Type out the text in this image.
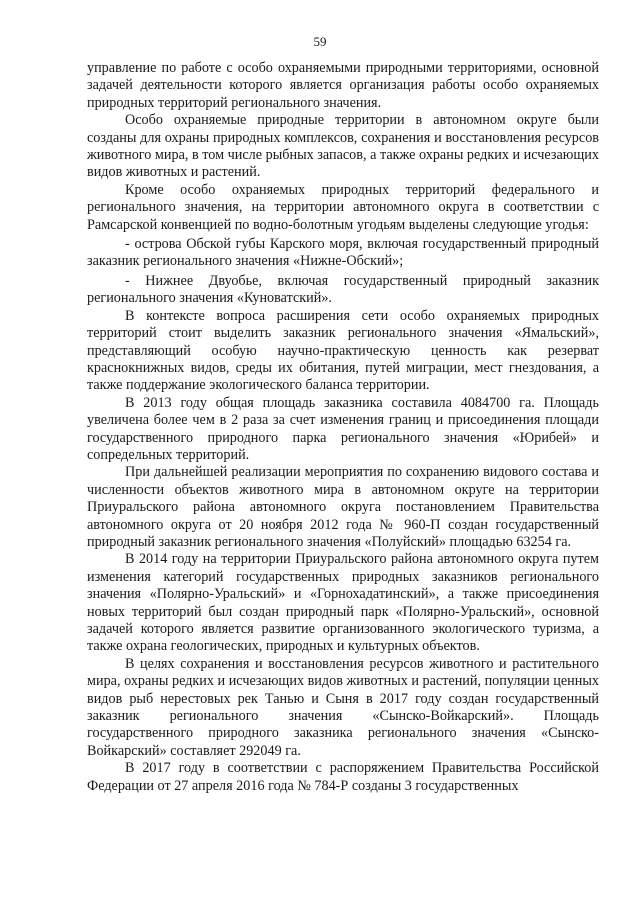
59

управление по работе с особо охраняемыми природными территориями, основной задачей деятельности которого является организация работы особо охраняемых природных территорий регионального значения.

Особо охраняемые природные территории в автономном округе были созданы для охраны природных комплексов, сохранения и восстановления ресурсов животного мира, в том числе рыбных запасов, а также охраны редких и исчезающих видов животных и растений.

Кроме особо охраняемых природных территорий федерального и регионального значения, на территории автономного округа в соответствии с Рамсарской конвенцией по водно-болотным угодьям выделены следующие угодья:

- острова Обской губы Карского моря, включая государственный природный заказник регионального значения «Нижне-Обский»;

- Нижнее Двуобье, включая государственный природный заказник регионального значения «Куноватский».

В контексте вопроса расширения сети особо охраняемых природных территорий стоит выделить заказник регионального значения «Ямальский», представляющий особую научно-практическую ценность как резерват краснокнижных видов, среды их обитания, путей миграции, мест гнездования, а также поддержание экологического баланса территории.

В 2013 году общая площадь заказника составила 4084700 га. Площадь увеличена более чем в 2 раза за счет изменения границ и присоединения площади государственного природного парка регионального значения «Юрибей» и сопредельных территорий.

При дальнейшей реализации мероприятия по сохранению видового состава и численности объектов животного мира в автономном округе на территории Приуральского района автономного округа постановлением Правительства автономного округа от 20 ноября 2012 года № 960-П создан государственный природный заказник регионального значения «Полуйский» площадью 63254 га.

В 2014 году на территории Приуральского района автономного округа путем изменения категорий государственных природных заказников регионального значения «Полярно-Уральский» и «Горнохадатинский», а также присоединения новых территорий был создан природный парк «Полярно-Уральский», основной задачей которого является развитие организованного экологического туризма, а также охрана геологических, природных и культурных объектов.

В целях сохранения и восстановления ресурсов животного и растительного мира, охраны редких и исчезающих видов животных и растений, популяции ценных видов рыб нерестовых рек Танью и Сыня в 2017 году создан государственный заказник регионального значения «Сынско-Войкарский». Площадь государственного природного заказника регионального значения «Сынско-Войкарский» составляет 292049 га.

В 2017 году в соответствии с распоряжением Правительства Российской Федерации от 27 апреля 2016 года № 784-Р созданы 3 государственных
